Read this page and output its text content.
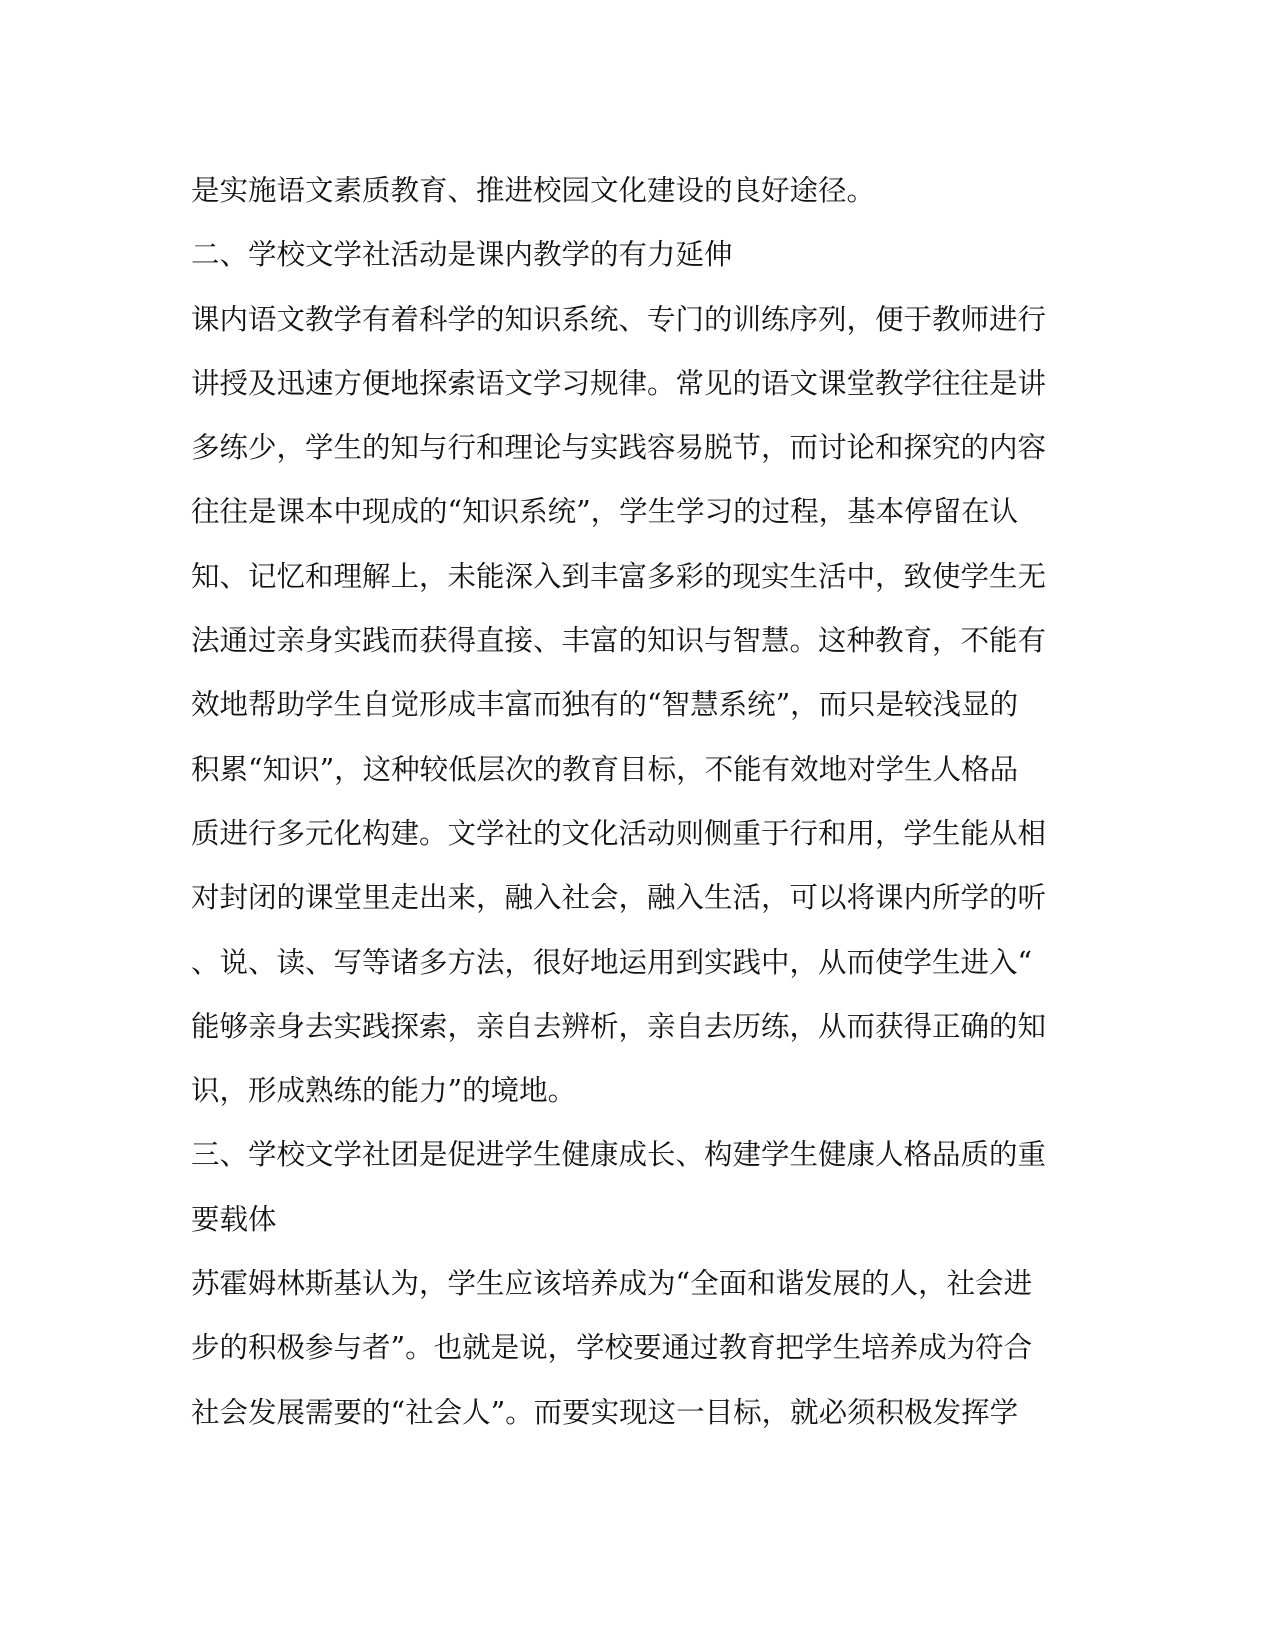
是实施语文素质教育、推进校园文化建设的良好途径。
二、学校文学社活动是课内教学的有力延伸
课内语文教学有着科学的知识系统、专门的训练序列，便于教师进行
讲授及迅速方便地探索语文学习规律。常见的语文课堂教学往往是讲
多练少，学生的知与行和理论与实践容易脱节，而讨论和探究的内容
往往是课本中现成的“知识系统”，学生学习的过程，基本停留在认
知、记忆和理解上，未能深入到丰富多彩的现实生活中，致使学生无
法通过亲身实践而获得直接、丰富的知识与智慧。这种教育，不能有
效地帮助学生自觉形成丰富而独有的“智慧系统”，而只是较浅显的
积累“知识”，这种较低层次的教育目标，不能有效地对学生人格品
质进行多元化构建。文学社的文化活动则侧重于行和用，学生能从相
对封闭的课堂里走出来，融入社会，融入生活，可以将课内所学的听
、说、读、写等诸多方法，很好地运用到实践中，从而使学生进入“
能够亲身去实践探索，亲自去辨析，亲自去历练，从而获得正确的知
识，形成熟练的能力”的境地。
三、学校文学社团是促进学生健康成长、构建学生健康人格品质的重
要载体
苏霍姆林斯基认为，学生应该培养成为“全面和谐发展的人，社会进
步的积极参与者”。也就是说，学校要通过教育把学生培养成为符合
社会发展需要的“社会人”。而要实现这一目标，就必须积极发挥学
